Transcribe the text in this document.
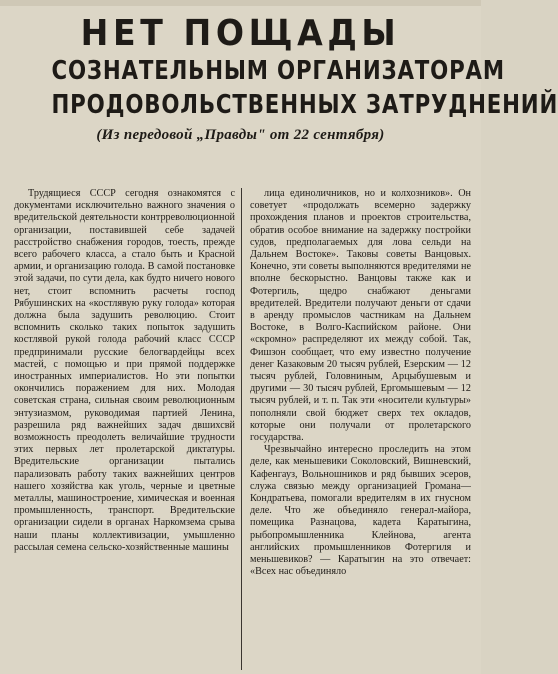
НЕТ ПОЩАДЫ
СОЗНАТЕЛЬНЫМ ОРГАНИЗАТОРАМ
ПРОДОВОЛЬСТВЕННЫХ ЗАТРУДНЕНИЙ
(Из передовой „Правды" от 22 сентября)

Трудящиеся СССР сегодня ознакомятся с документами исключительно важного значения о вредительской деятельности контрреволюционной организации, поставившей себе задачей расстройство снабжения городов, тоесть, прежде всего рабочего класса, а стало быть и Красной армии, и организацию голода. В самой постановке этой задачи, по сути дела, как будто ничего нового нет, стоит вспомнить расчеты господ Рябушинских на «костлявую руку голода» которая должна была задушить революцию. Стоит вспомнить сколько таких попыток задушить костлявой рукой голода рабочий класс СССР предпринимали русские белогвардейцы всех мастей, с помощью и при прямой поддержке иностранных империалистов. Но эти попытки окончились поражением для них. Молодая советская страна, сильная своим революционным энтузиазмом, руководимая партией Ленина, разрешила ряд важнейших задач двшихсвй возможность преодолеть величайшие трудности этих первых лет пролетарской диктатуры. Вредительские организации пытались парализовать работу таких важнейших центров нашего хозяйства как уголь, черные и цветные металлы, машиностроение, химическая и военная промышленность, транспорт. Вредительские организации сидели в органах Наркомзема срыва наши планы коллективизации, умышленно рассылая семена сельско-хозяйственные машины

лица единоличников, но и колхозников». Он советует «продолжать всемерно задержку прохождения планов и проектов строительства, обратив особое внимание на задержку постройки судов, предполагаемых для лова сельди на Дальнем Востоке». Таковы советы Ванцовых. Конечно, эти советы выполняются вредителями не вполне бескорыстно. Ванцовы также как и Фотергиль, щедро снабжают деньгами вредителей. Вредители получают деньги от сдачи в аренду промыслов частникам на Дальнем Востоке, в Волго-Каспийском районе. Они «скромно» распределяют их между собой. Так, Фишзон сообщает, что ему известно получение денег Казаковым 20 тысяч рублей, Езерским — 12 тысяч рублей, Головниным, Арцыбушевым и другими — 30 тысяч рублей, Ергомышевым — 12 тысяч рублей, и т. п. Так эти «носители культуры» пополняли свой бюджет сверх тех окладов, которые они получали от пролетарского государства.

Чрезвычайно интересно проследить на этом деле, как меньшевики Соколовский, Вишневский, Кафенгауз, Вольношников и ряд бывших эсеров, служа связью между организацией Громана—Кондратьева, помогали вредителям в их гнусном деле. Что же объединяло генерал-майора, помещика Разнацова, кадета Каратыгина, рыбопромышленника Клейнова, агента английских промышленников Фотергиля и меньшевиков? — Каратыгин на это отвечает: «Всех нас объединяло
